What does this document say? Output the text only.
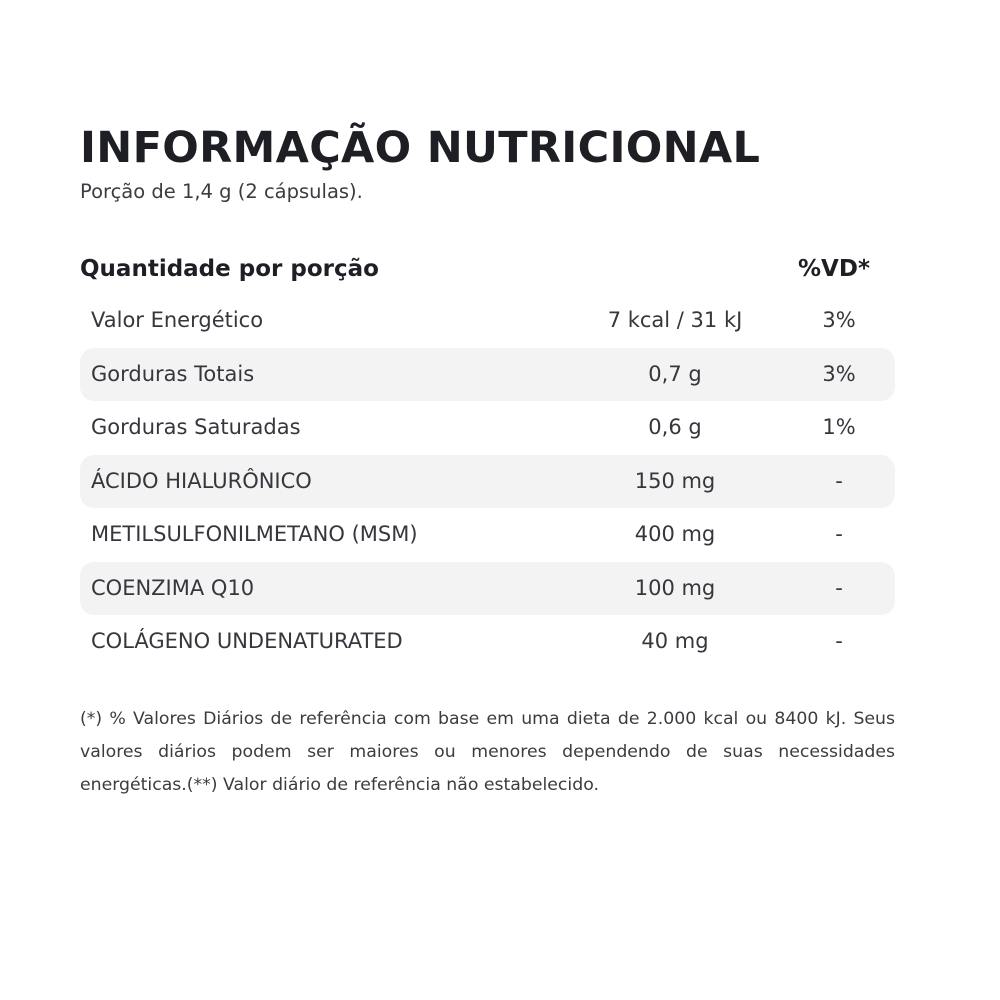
INFORMAÇÃO NUTRICIONAL

Porção de 1,4 g (2 cápsulas).

Quantidade por porção	%VD*
Valor Energético	7 kcal / 31 kJ	3%
Gorduras Totais	0,7 g	3%
Gorduras Saturadas	0,6 g	1%
ÁCIDO HIALURÔNICO	150 mg	-
METILSULFONILMETANO (MSM)	400 mg	-
COENZIMA Q10	100 mg	-
COLÁGENO UNDENATURATED	40 mg	-

(*) % Valores Diários de referência com base em uma dieta de 2.000 kcal ou 8400 kJ. Seus valores diários podem ser maiores ou menores dependendo de suas necessidades energéticas.(**) Valor diário de referência não estabelecido.
